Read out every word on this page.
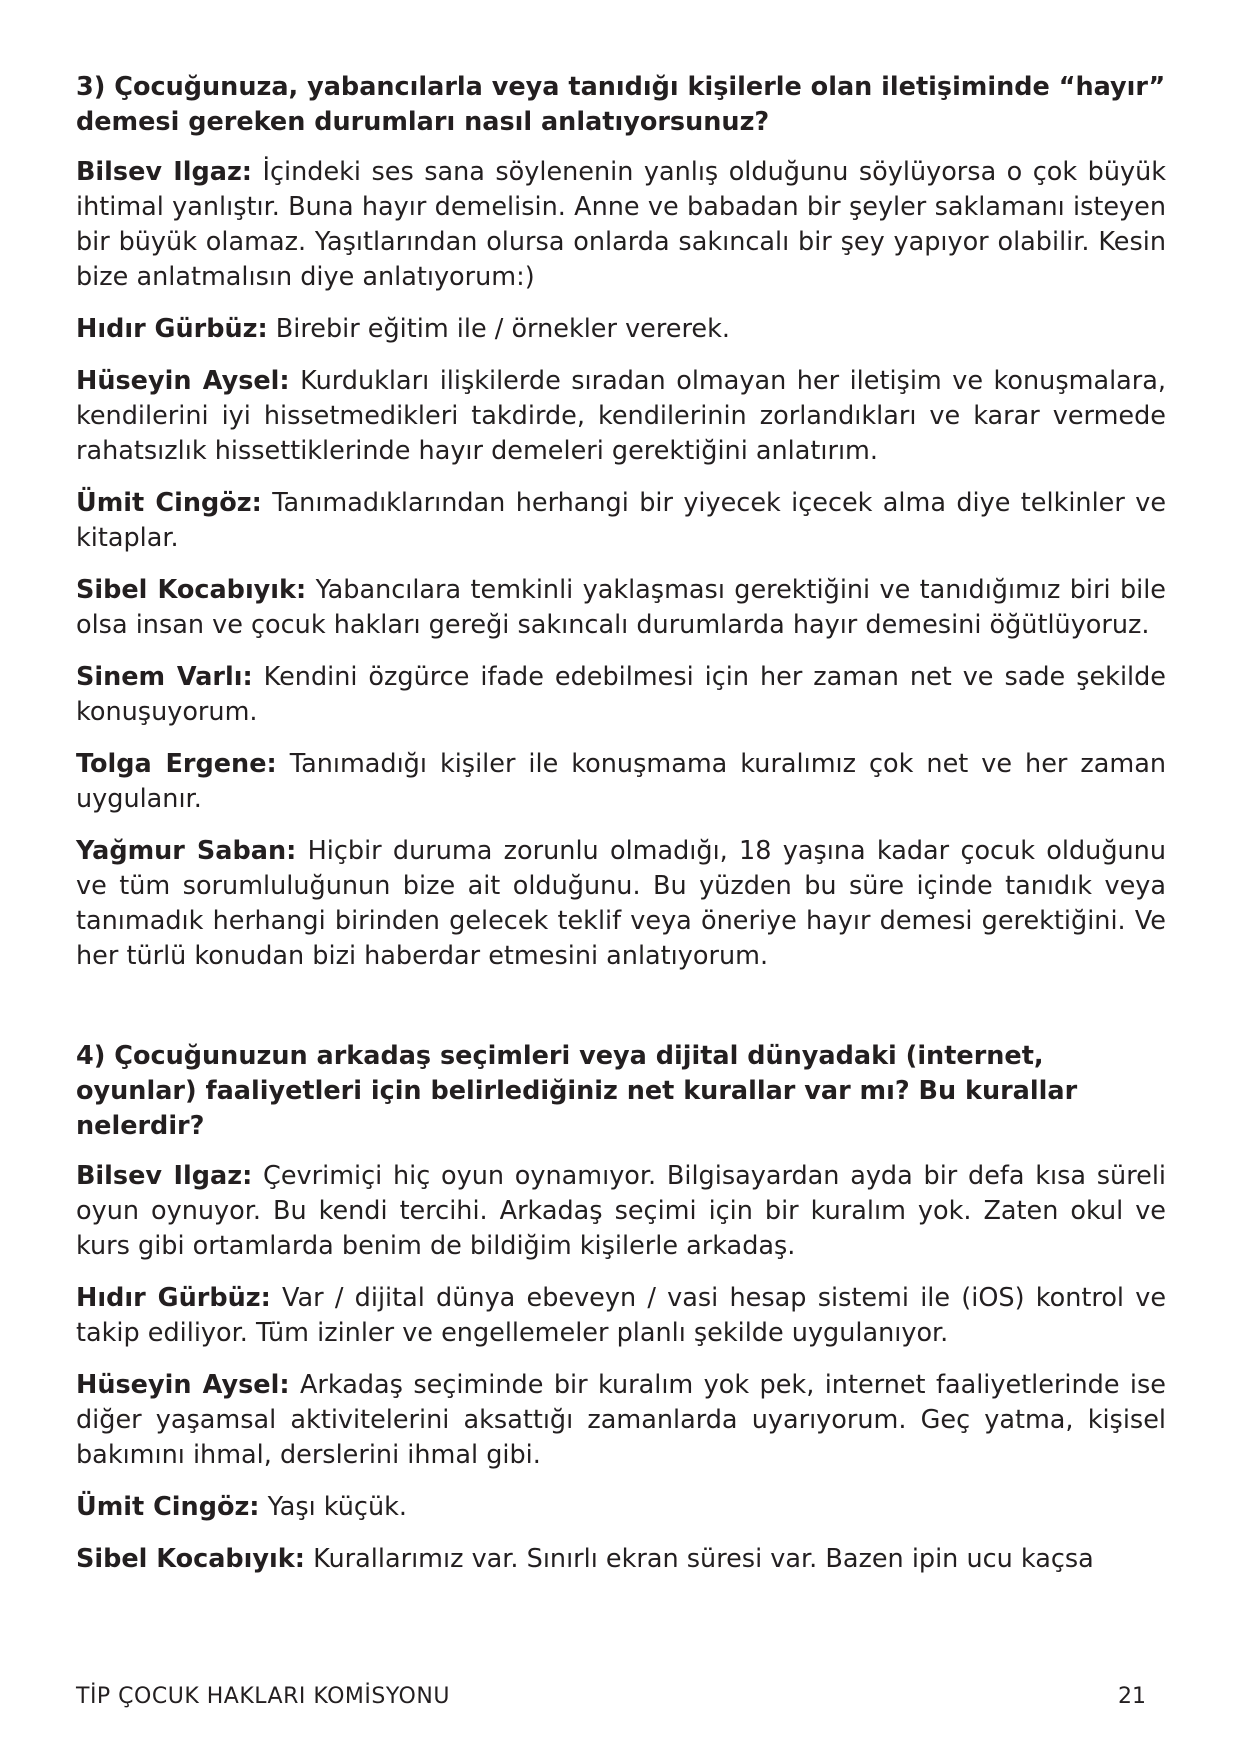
3) Çocuğunuza, yabancılarla veya tanıdığı kişilerle olan iletişiminde “hayır” demesi gereken durumları nasıl anlatıyorsunuz?

Bilsev Ilgaz: İçindeki ses sana söylenenin yanlış olduğunu söylüyorsa o çok büyük ihtimal yanlıştır. Buna hayır demelisin. Anne ve babadan bir şeyler saklamanı isteyen bir büyük olamaz. Yaşıtlarından olursa onlarda sakıncalı bir şey yapıyor olabilir. Kesin bize anlatmalısın diye anlatıyorum:)

Hıdır Gürbüz: Birebir eğitim ile / örnekler vererek.

Hüseyin Aysel: Kurdukları ilişkilerde sıradan olmayan her iletişim ve konuşmalara, kendilerini iyi hissetmedikleri takdirde, kendilerinin zorlandıkları ve karar vermede rahatsızlık hissettiklerinde hayır demeleri gerektiğini anlatırım.

Ümit Cingöz: Tanımadıklarından herhangi bir yiyecek içecek alma diye telkinler ve kitaplar.

Sibel Kocabıyık: Yabancılara temkinli yaklaşması gerektiğini ve tanıdığımız biri bile olsa insan ve çocuk hakları gereği sakıncalı durumlarda hayır demesini öğütlüyoruz.

Sinem Varlı: Kendini özgürce ifade edebilmesi için her zaman net ve sade şekilde konuşuyorum.

Tolga Ergene: Tanımadığı kişiler ile konuşmama kuralımız çok net ve her zaman uygulanır.

Yağmur Saban: Hiçbir duruma zorunlu olmadığı, 18 yaşına kadar çocuk olduğunu ve tüm sorumluluğunun bize ait olduğunu. Bu yüzden bu süre içinde tanıdık veya tanımadık herhangi birinden gelecek teklif veya öneriye hayır demesi gerektiğini. Ve her türlü konudan bizi haberdar etmesini anlatıyorum.

4) Çocuğunuzun arkadaş seçimleri veya dijital dünyadaki (internet, oyunlar) faaliyetleri için belirlediğiniz net kurallar var mı? Bu kurallar nelerdir?

Bilsev Ilgaz: Çevrimiçi hiç oyun oynamıyor. Bilgisayardan ayda bir defa kısa süreli oyun oynuyor. Bu kendi tercihi. Arkadaş seçimi için bir kuralım yok. Zaten okul ve kurs gibi ortamlarda benim de bildiğim kişilerle arkadaş.

Hıdır Gürbüz: Var / dijital dünya ebeveyn / vasi hesap sistemi ile (iOS) kontrol ve takip ediliyor. Tüm izinler ve engellemeler planlı şekilde uygulanıyor.

Hüseyin Aysel: Arkadaş seçiminde bir kuralım yok pek, internet faaliyetlerinde ise diğer yaşamsal aktivitelerini aksattığı zamanlarda uyarıyorum. Geç yatma, kişisel bakımını ihmal, derslerini ihmal gibi.

Ümit Cingöz: Yaşı küçük.

Sibel Kocabıyık: Kurallarımız var. Sınırlı ekran süresi var. Bazen ipin ucu kaçsa

TİP ÇOCUK HAKLARI KOMİSYONU	21
